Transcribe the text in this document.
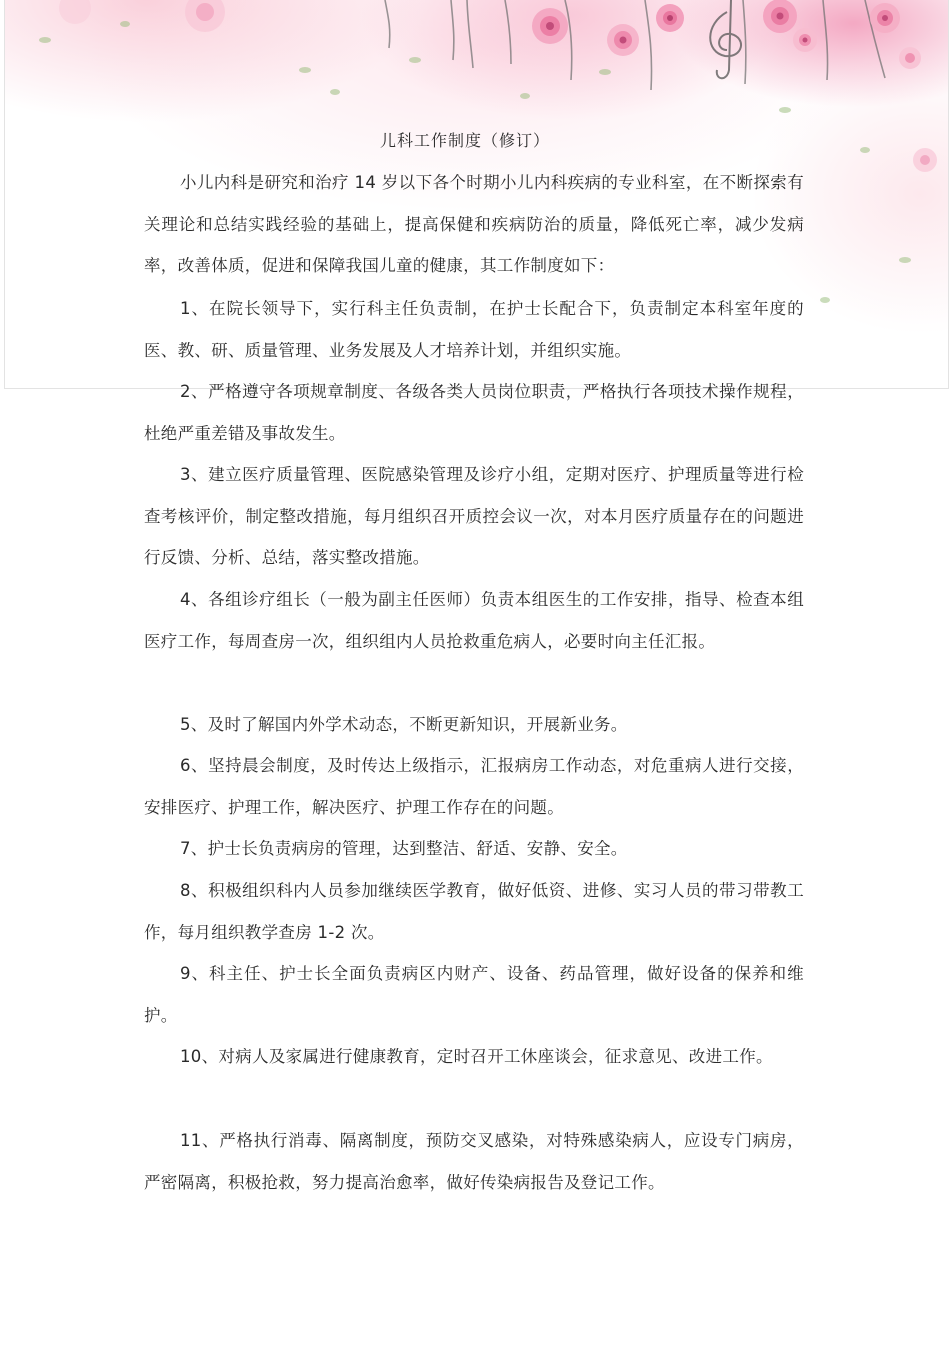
儿科工作制度（修订）

小儿内科是研究和治疗 14 岁以下各个时期小儿内科疾病的专业科室，在不断探索有关理论和总结实践经验的基础上，提高保健和疾病防治的质量，降低死亡率，减少发病率，改善体质，促进和保障我国儿童的健康，其工作制度如下：

1、在院长领导下，实行科主任负责制，在护士长配合下，负责制定本科室年度的医、教、研、质量管理、业务发展及人才培养计划，并组织实施。

2、严格遵守各项规章制度、各级各类人员岗位职责，严格执行各项技术操作规程，杜绝严重差错及事故发生。

3、建立医疗质量管理、医院感染管理及诊疗小组，定期对医疗、护理质量等进行检查考核评价，制定整改措施，每月组织召开质控会议一次，对本月医疗质量存在的问题进行反馈、分析、总结，落实整改措施。

4、各组诊疗组长（一般为副主任医师）负责本组医生的工作安排，指导、检查本组医疗工作，每周查房一次，组织组内人员抢救重危病人，必要时向主任汇报。

5、及时了解国内外学术动态，不断更新知识，开展新业务。

6、坚持晨会制度，及时传达上级指示，汇报病房工作动态，对危重病人进行交接，安排医疗、护理工作，解决医疗、护理工作存在的问题。

7、护士长负责病房的管理，达到整洁、舒适、安静、安全。

8、积极组织科内人员参加继续医学教育，做好低资、进修、实习人员的带习带教工作，每月组织教学查房 1-2 次。

9、科主任、护士长全面负责病区内财产、设备、药品管理，做好设备的保养和维护。

10、对病人及家属进行健康教育，定时召开工休座谈会，征求意见、改进工作。

11、严格执行消毒、隔离制度，预防交叉感染，对特殊感染病人，应设专门病房，严密隔离，积极抢救，努力提高治愈率，做好传染病报告及登记工作。
